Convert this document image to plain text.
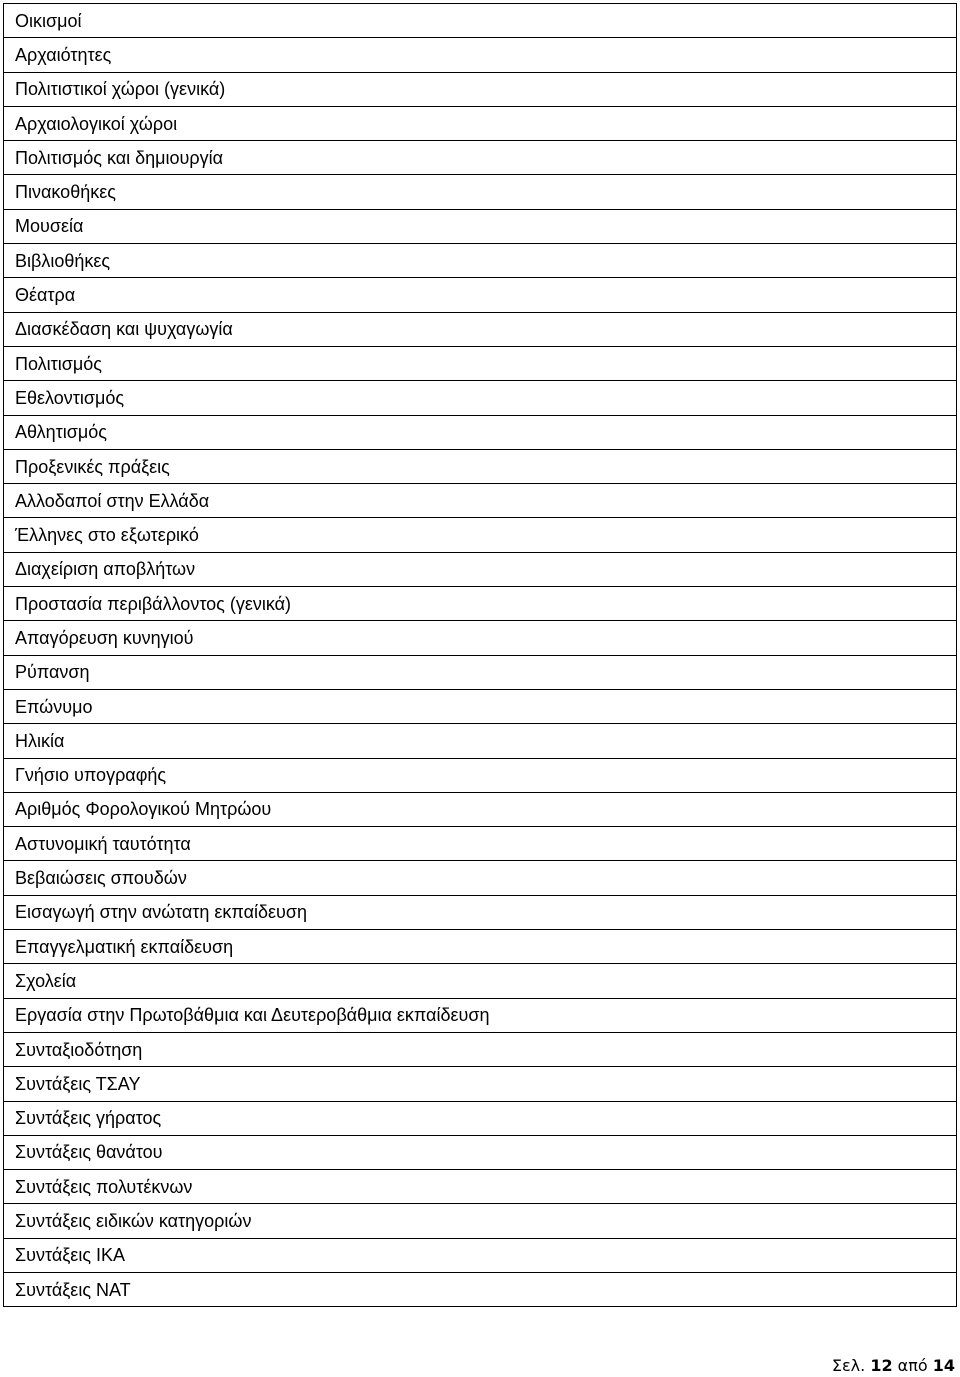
Οικισμοί
Αρχαιότητες
Πολιτιστικοί χώροι (γενικά)
Αρχαιολογικοί χώροι
Πολιτισμός και δημιουργία
Πινακοθήκες
Μουσεία
Βιβλιοθήκες
Θέατρα
Διασκέδαση και ψυχαγωγία
Πολιτισμός
Εθελοντισμός
Αθλητισμός
Προξενικές πράξεις
Αλλοδαποί στην Ελλάδα
Έλληνες στο εξωτερικό
Διαχείριση αποβλήτων
Προστασία περιβάλλοντος (γενικά)
Απαγόρευση κυνηγιού
Ρύπανση
Επώνυμο
Ηλικία
Γνήσιο υπογραφής
Αριθμός Φορολογικού Μητρώου
Αστυνομική ταυτότητα
Βεβαιώσεις σπουδών
Εισαγωγή στην ανώτατη εκπαίδευση
Επαγγελματική εκπαίδευση
Σχολεία
Εργασία στην Πρωτοβάθμια και Δευτεροβάθμια εκπαίδευση
Συνταξιοδότηση
Συντάξεις ΤΣΑΥ
Συντάξεις γήρατος
Συντάξεις θανάτου
Συντάξεις πολυτέκνων
Συντάξεις ειδικών κατηγοριών
Συντάξεις ΙΚΑ
Συντάξεις ΝΑΤ
Σελ. 12 από 14
